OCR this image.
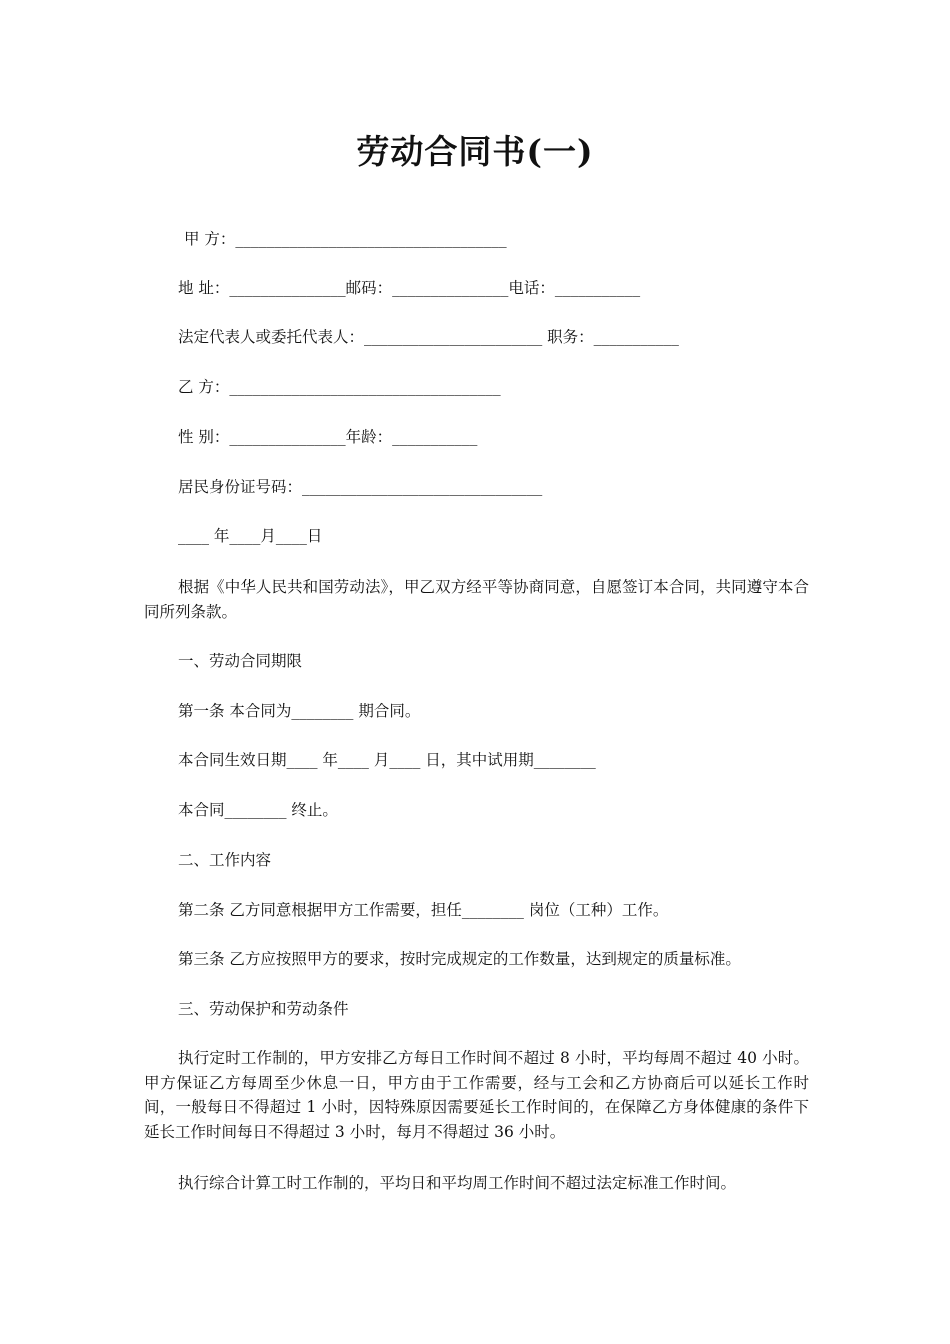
劳动合同书(一)
甲 方：___________________________________
地 址：_______________邮码：_______________电话：___________
法定代表人或委托代表人：_______________________ 职务：___________
乙 方：___________________________________
性 别：_______________年龄：___________
居民身份证号码：_______________________________
____ 年____月____日
根据《中华人民共和国劳动法》，甲乙双方经平等协商同意，自愿签订本合同，共同遵守本合同所列条款。
一、劳动合同期限
第一条 本合同为________ 期合同。
本合同生效日期____ 年____ 月____ 日，其中试用期________
本合同________ 终止。
二、工作内容
第二条 乙方同意根据甲方工作需要，担任________ 岗位（工种）工作。
第三条 乙方应按照甲方的要求，按时完成规定的工作数量，达到规定的质量标准。
三、劳动保护和劳动条件
执行定时工作制的，甲方安排乙方每日工作时间不超过 8 小时，平均每周不超过 40 小时。甲方保证乙方每周至少休息一日，甲方由于工作需要，经与工会和乙方协商后可以延长工作时间，一般每日不得超过 1 小时，因特殊原因需要延长工作时间的，在保障乙方身体健康的条件下延长工作时间每日不得超过 3 小时，每月不得超过 36 小时。
执行综合计算工时工作制的，平均日和平均周工作时间不超过法定标准工作时间。
